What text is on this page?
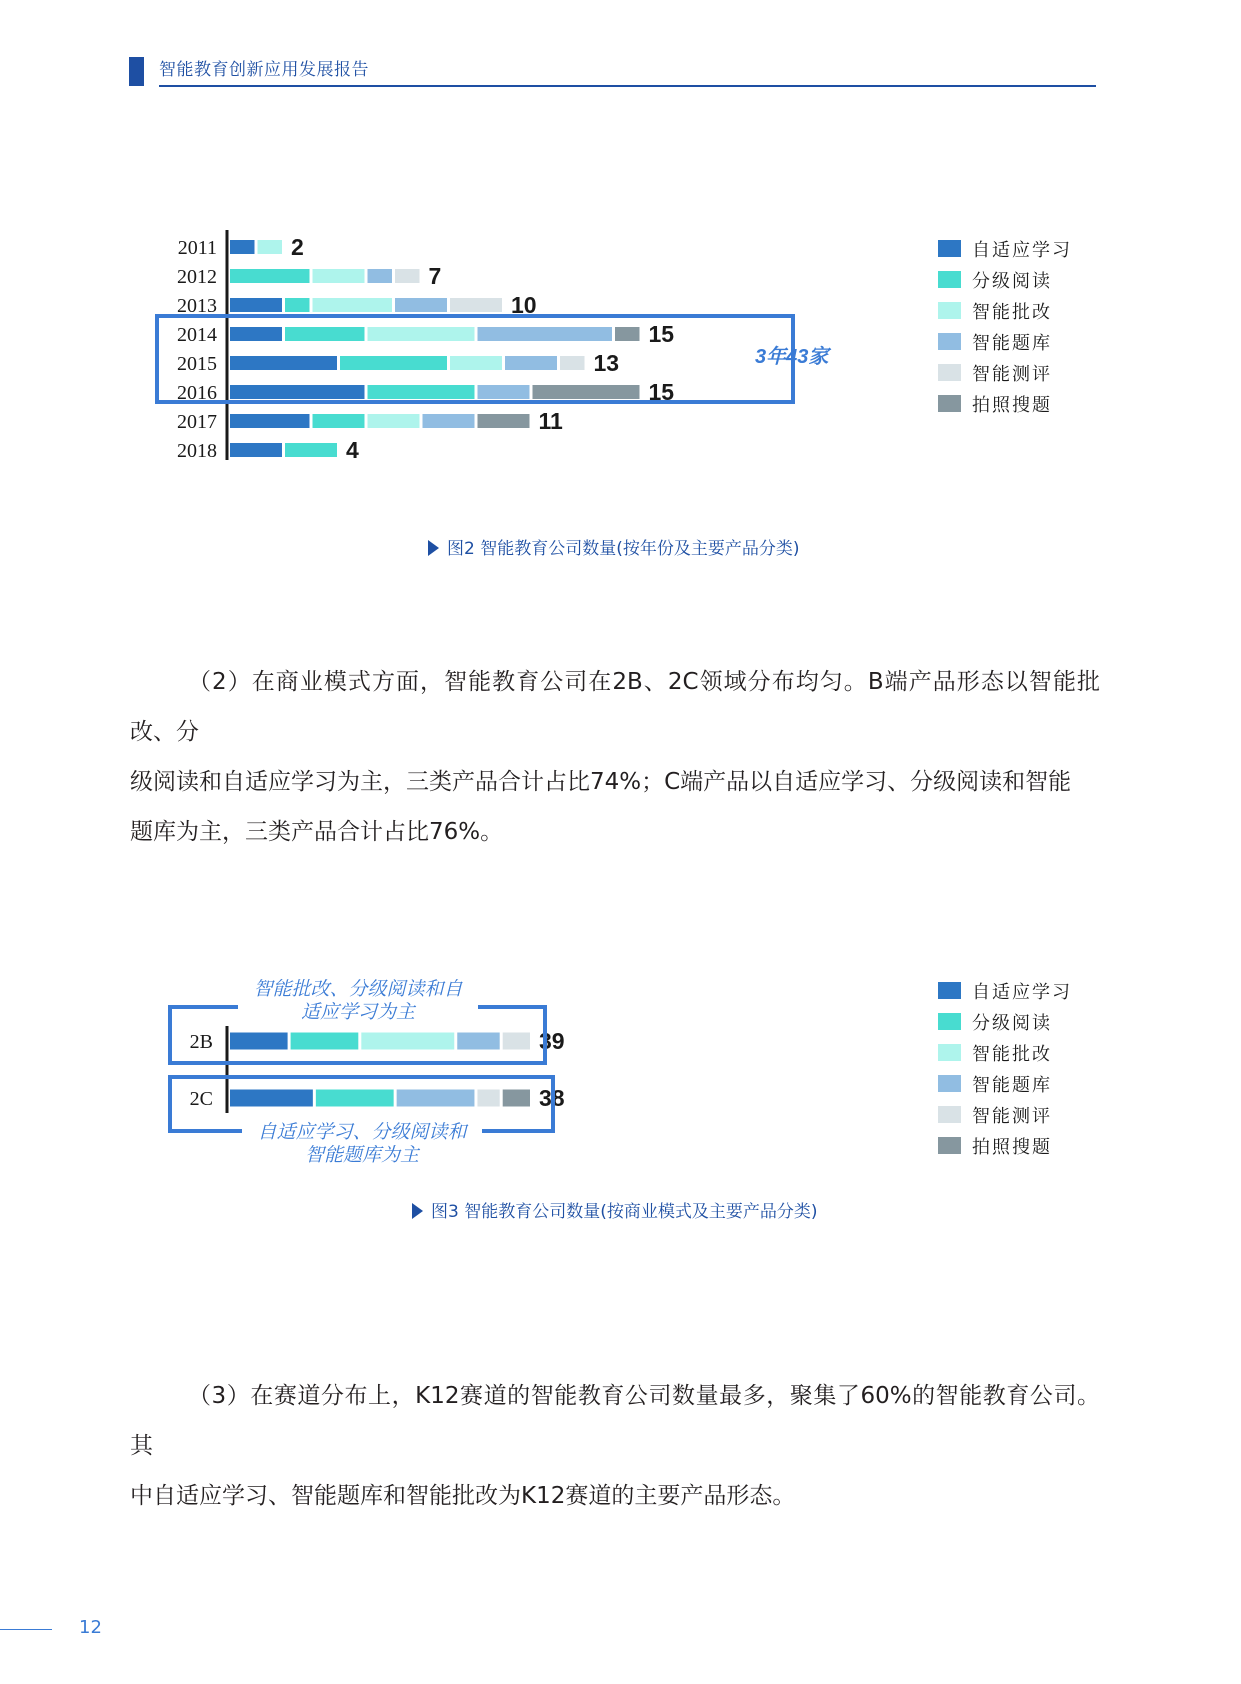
智能教育创新应用发展报告
2011	2
2012	7
2013	10
2014	15
2015	13
2016	15
2017	11
2018	4
3年43家
自适应学习
分级阅读
智能批改
智能题库
智能测评
拍照搜题
图2 智能教育公司数量(按年份及主要产品分类)
（2）在商业模式方面，智能教育公司在2B、2C领域分布均匀。B端产品形态以智能批改、分
级阅读和自适应学习为主，三类产品合计占比74%；C端产品以自适应学习、分级阅读和智能
题库为主，三类产品合计占比76%。
2B	39
2C	38
智能批改、分级阅读和自
适应学习为主
自适应学习、分级阅读和
智能题库为主
自适应学习
分级阅读
智能批改
智能题库
智能测评
拍照搜题
图3 智能教育公司数量(按商业模式及主要产品分类)
（3）在赛道分布上，K12赛道的智能教育公司数量最多，聚集了60%的智能教育公司。其
中自适应学习、智能题库和智能批改为K12赛道的主要产品形态。
12
